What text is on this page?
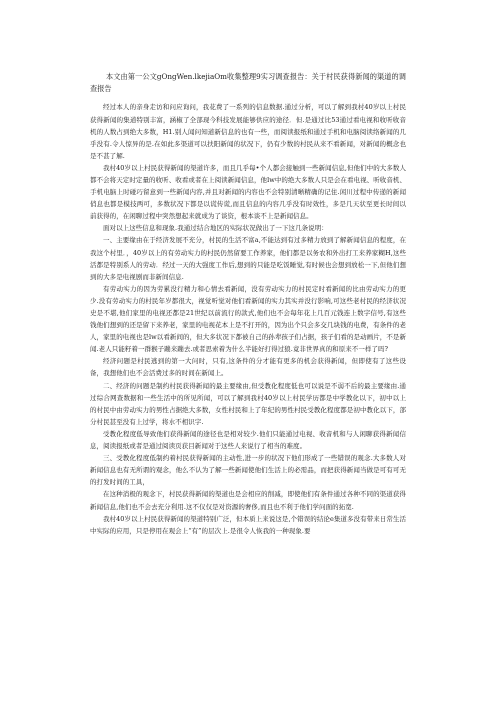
本文由第一公文gOngWen.lkejiaOm收集整理9实习调查报告：关于村民获得新闻的渠道的调查报告

经过本人的亲身走访和问应询问，我花费了一系列的信息数据.通过分析，可以了解到我村40岁以上村民获得新闻的集道特别丰富，涵椒了全部现今科技发展能够供应的途径．但.是通过比53通过看电视和收听收音机的人数占到绝大多数，H1.别人闻问知道新信息的也有一些，而阅读报纸和通过手机和电脑阅读络新闻的几乎没有.令人惊异的是.在如此多渠道可以扶阳新闻的状况下，仍有少数的村民从来不看新闻，对新闻的概念也是不甚了解.

我村40岁以上村民获得新闻的渠道许多，而且几乎每•个人都会接触到一些新闻信息,但他们中的大多数人都不会将天定时定量的收听、收看或者在上阅读新闻信息，他lw中的绝大多数人只是会在看电视、听收音机、手机电脑上时碰巧留意到一些新闻内容,并且对新闻的内容也不会特别清晰精确的记住.闲川过程中传递的新闻俏息也都是模技两可，多数状况下都是以谎传谎,而且信息的内容几乎没有时效性，多是几天状至更长时间以前获得的，在闲聊过程中突然想起来就成为了谈资，根本谈不上是新闻信息。

面对以上这些信息和现象.我通过结合地区的实际状况做出了一下这几条说明：

一、主要缘由在于经济发展不充分，村民的生活不富a,不能达到有过多精力放到了解新闻信息的程度，在我这个村里．，40岁以上的有劳动实力的村民仍然留要工作养家，他们都是以务农和外出打工来养家糊H,这些活都是特别系人的劳动．经过一天的大强度工作后,想到的只能是吃饭睡觉,有时候也会想到放松一下,但他们想到的大多是电视剧而非新间信息.

有劳动实力的因为劳累没行精力和心情去看新闻，没有劳动实力的村民定时看新闻的比由劳动实力的更少.没有劳动实力的村民年岁都很大，视觉听觉对他们看新闻的实力其实并没行影响,可这些老村民的经济状况史是不堪,他们家里的电视还都是21世纪以前流行的款式,他们也不会每年花上几百元钱连上数字信号,有这些钱他们想到的还是留下来养老，家里的电视花本上是不打开的，因为出个只会多交几块钱的电费，有条件的老人，家里的电视也是lw以看新间的，但大多状况下都被自己的孙辈孩子们占据，孩子们看的是动画片，不是新闻.老人只能籽着一群猴子蹦来蹦去.或者思索着为什么半能好打得过狼.竟非世界真的和原来不一样了吗?

经济问题是村民逃到的第一大问时，只有,这条件的分才能有更多的机会获得新闻，但即使有了这些设备，我想他们也不会活费过多的时间在新闻上。

二、经济的问题是制约村民获得新闻的最主要缘由,但受教化程度低也可以说是不弱不后的最主要缘由.通过综合网查数据和一些生活中的所见所闻，可以了解到我村40岁以上村民学历都是中学教化以下，初中以上的村民中由劳动实力的男性占据绝大多数，女性村民和上了年纪的男性村民受教化程度都是初中教化以下，部分村民甚至没有上过学，将水不相识字.

受教化程度低导致他们获得新闻的途径也是相对较少.他们只能通过电视、收音机和与人闲聊获得新闻信息，阅读报纸或者是通过阅读页获目新闻对于这些人来说行了相当的难度。

三、受教化程度低制约着村民获得新闻的主动性,进一步的状况下他们形成了一些错误的观念.大多数人对新闻信息也有无所谓的观念，他么不认为了解一些新闻使他们生活上的必需品，而把获得新闻当做是可有可无的打发时间的工具，

在这种消极的观念下，村民获得新闻的渠道也是会相应的削减，即使他们有条件通过各种不同的渠道获得新闻信息,他们也不会去充分利用.这不仅仅是对资源的奢侈,而且也不利于他们学问面的拓宽.

我村40岁以上村民获得新闻的渠道特别广泛，但本质上来说这是,个错误的结论e集道多没有带来日常生活中实际的应用，只是停用在观会上“有”的层次上.是很令人恢我的一种现象.要
